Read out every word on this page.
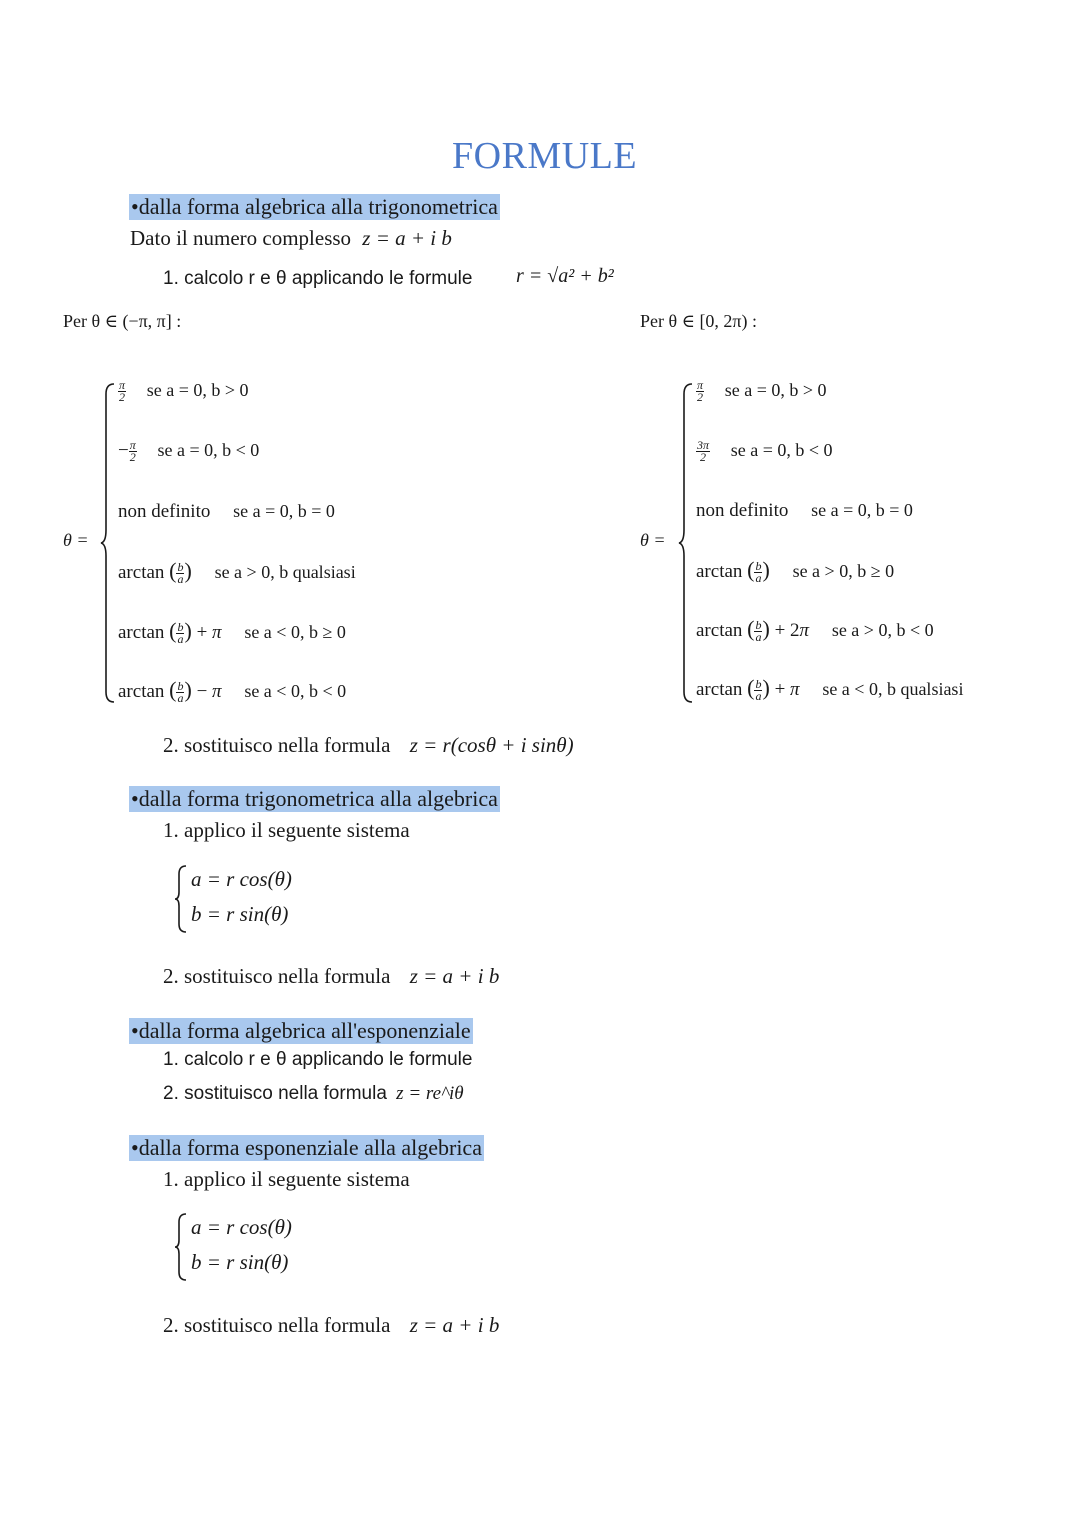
FORMULE
•dalla forma algebrica alla trigonometrica
Dato il numero complesso z = a + i b
1. calcolo r e θ applicando le formule r = √a² + b²
Per θ ∈ (−π, π] :
θ =
$\frac{\pi}{2}$ se a = 0, b > 0
− $\frac{\pi}{2}$ se a = 0, b < 0
non definito se a = 0, b = 0
arctan ( $\frac{b}{a}$ ) se a > 0, b qualsiasi
arctan ( $\frac{b}{a}$ ) + π se a < 0, b ≥ 0
arctan ( $\frac{b}{a}$ ) − π se a < 0, b < 0
Per θ ∈ [0, 2π) :
θ =
$\frac{\pi}{2}$ se a = 0, b > 0
$\frac{3\pi}{2}$ se a = 0, b < 0
non definito se a = 0, b = 0
arctan ( $\frac{b}{a}$ ) se a > 0, b ≥ 0
arctan ( $\frac{b}{a}$ ) + 2π se a > 0, b < 0
arctan ( $\frac{b}{a}$ ) + π se a < 0, b qualsiasi
2. sostituisco nella formula z = r(cosθ + i sinθ)
•dalla forma trigonometrica alla algebrica
1. applico il seguente sistema
a = r cos(θ)
b = r sin(θ)
2. sostituisco nella formula z = a + i b
•dalla forma algebrica all'esponenziale
1. calcolo r e θ applicando le formule
2. sostituisco nella formula z = re^iθ
•dalla forma esponenziale alla algebrica
1. applico il seguente sistema
a = r cos(θ)
b = r sin(θ)
2. sostituisco nella formula z = a + i b
